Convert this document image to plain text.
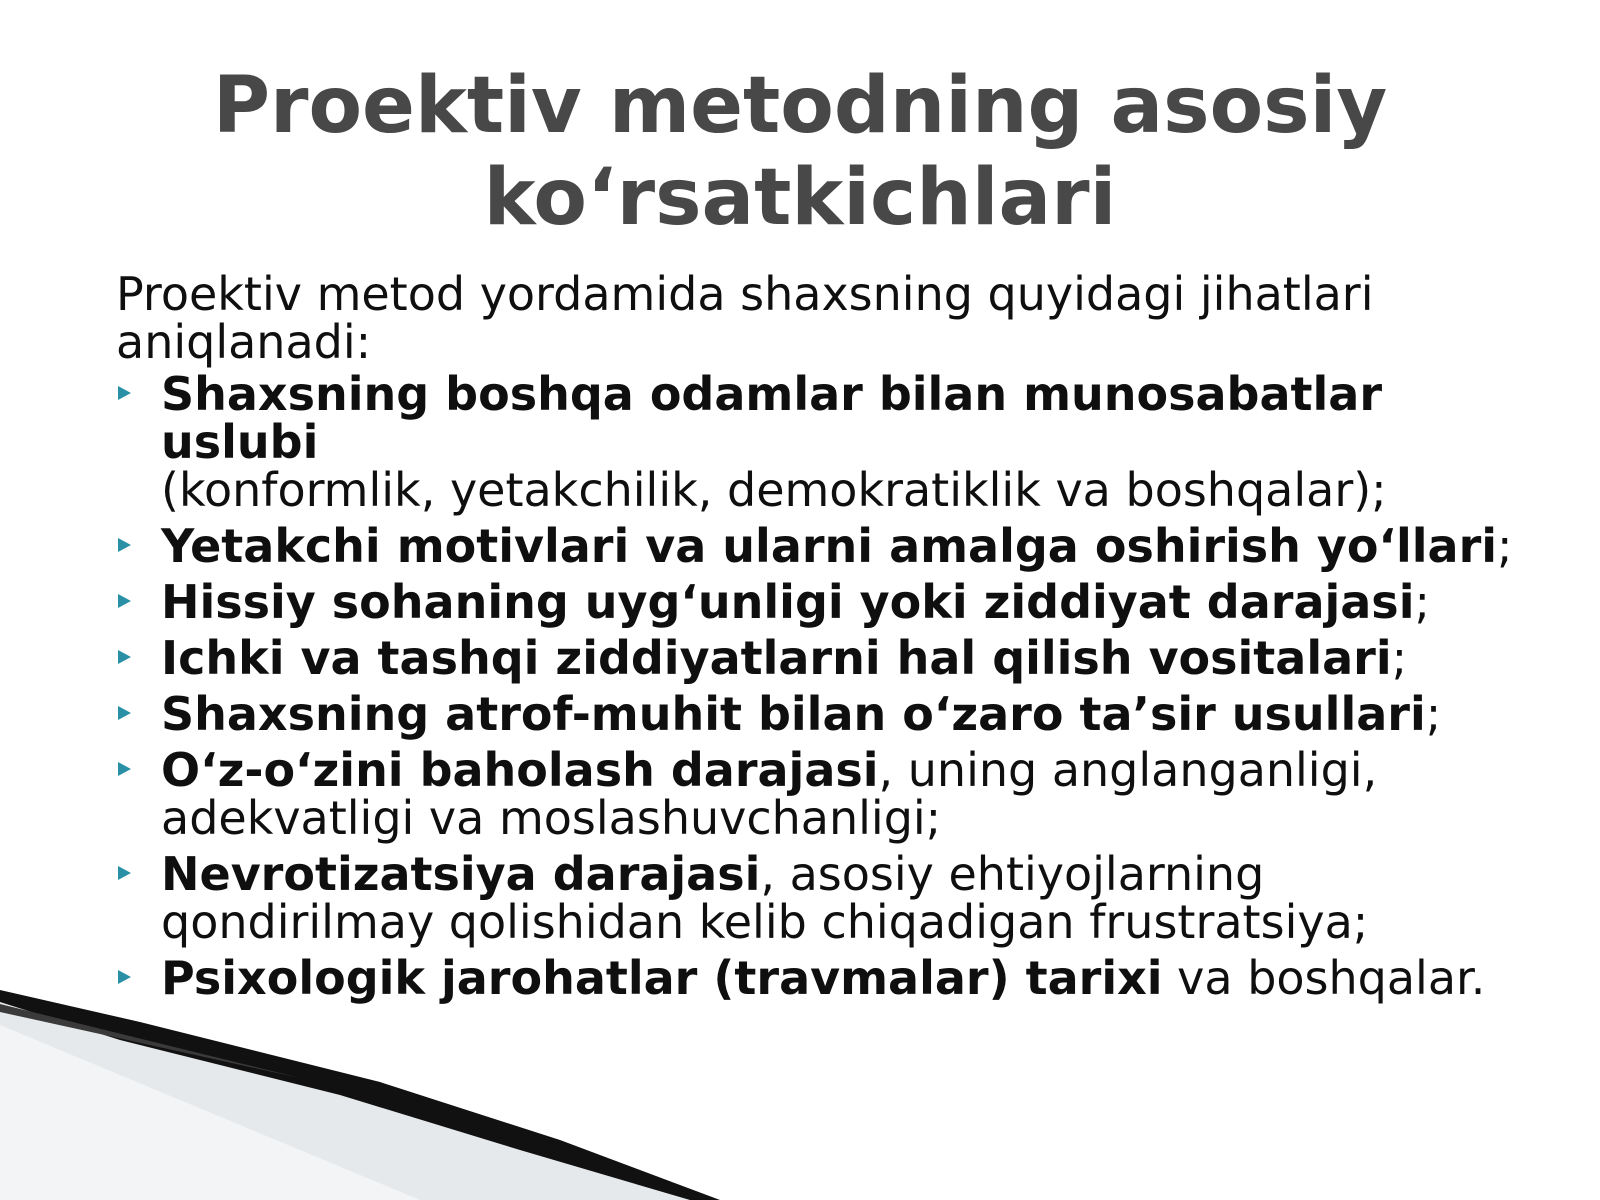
Proektiv metodning asosiy ko‘rsatkichlari

Proektiv metod yordamida shaxsning quyidagi jihatlari aniqlanadi:

Shaxsning boshqa odamlar bilan munosabatlar uslubi
(konformlik, yetakchilik, demokratiklik va boshqalar);
Yetakchi motivlari va ularni amalga oshirish yo‘llari;
Hissiy sohaning uyg‘unligi yoki ziddiyat darajasi;
Ichki va tashqi ziddiyatlarni hal qilish vositalari;
Shaxsning atrof-muhit bilan o‘zaro ta’sir usullari;
O‘z-o‘zini baholash darajasi, uning anglanganligi, adekvatligi va moslashuvchanligi;
Nevrotizatsiya darajasi, asosiy ehtiyojlarning qondirilmay qolishidan kelib chiqadigan frustratsiya;
Psixologik jarohatlar (travmalar) tarixi va boshqalar.
